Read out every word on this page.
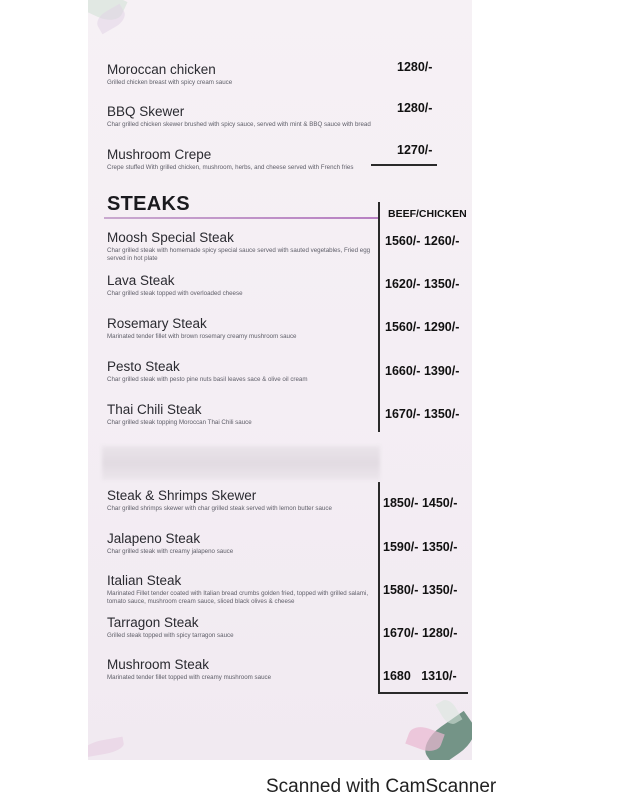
Moroccan chicken
Grilled chicken breast with spicy cream sauce
1280/-
BBQ Skewer
Char grilled chicken skewer brushed with spicy sauce, served with mint & BBQ sauce with bread
1280/-
Mushroom Crepe
Crepe stuffed With grilled chicken, mushroom, herbs, and cheese served with French fries
1270/-
STEAKS	BEEF/CHICKEN
Moosh Special Steak
Char grilled steak with homemade spicy special sauce served with sauted vegetables, Fried egg served in hot plate
1560/- 1260/-
Lava Steak
Char grilled steak topped with overloaded cheese
1620/- 1350/-
Rosemary Steak
Marinated tender fillet with brown rosemary creamy mushroom sauce
1560/- 1290/-
Pesto Steak
Char grilled steak with pesto pine nuts basil leaves sace & olive oil cream
1660/- 1390/-
Thai Chili Steak
Char grilled steak topping Moroccan Thai Chili sauce
1670/- 1350/-
Steak & Shrimps Skewer
Char grilled shrimps skewer with char grilled steak served with lemon butter sauce	1850/- 1450/-
Jalapeno Steak
Char grilled steak with creamy jalapeno sauce	1590/- 1350/-
Italian Steak
Marinated Fillet tender coated with Italian bread crumbs golden fried, topped with grilled salami, tomato sauce, mushroom cream sauce, sliced black olives & cheese
1580/- 1350/-
Tarragon Steak
Grilled steak topped with spicy tarragon sauce	1670/- 1280/-
Mushroom Steak
Marinated tender fillet topped with creamy mushroom sauce	1680 1310/-
Scanned with CamScanner
